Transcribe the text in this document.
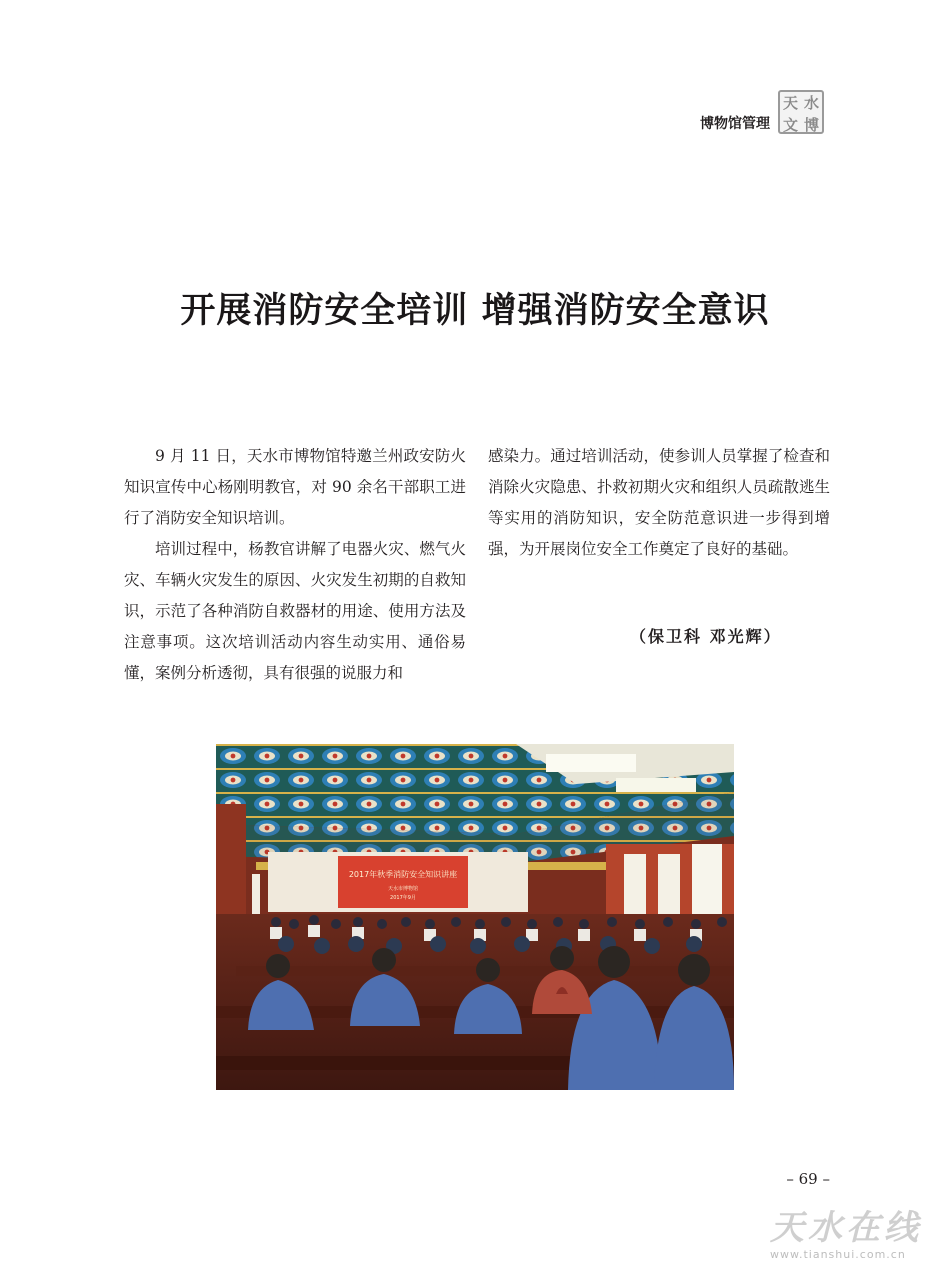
博物馆管理
天 水
文 博
开展消防安全培训 增强消防安全意识

9 月 11 日，天水市博物馆特邀兰州政安防火知识宣传中心杨刚明教官，对 90 余名干部职工进行了消防安全知识培训。

培训过程中，杨教官讲解了电器火灾、燃气火灾、车辆火灾发生的原因、火灾发生初期的自救知识，示范了各种消防自救器材的用途、使用方法及注意事项。这次培训活动内容生动实用、通俗易懂，案例分析透彻，具有很强的说服力和

感染力。通过培训活动，使参训人员掌握了检查和消除火灾隐患、扑救初期火灾和组织人员疏散逃生等实用的消防知识，安全防范意识进一步得到增强，为开展岗位安全工作奠定了良好的基础。

（保卫科 邓光辉）
2017年秋季消防安全知识讲座
天水市博物馆
2017年9月
– 69 –
天水在线
www.tianshui.com.cn
